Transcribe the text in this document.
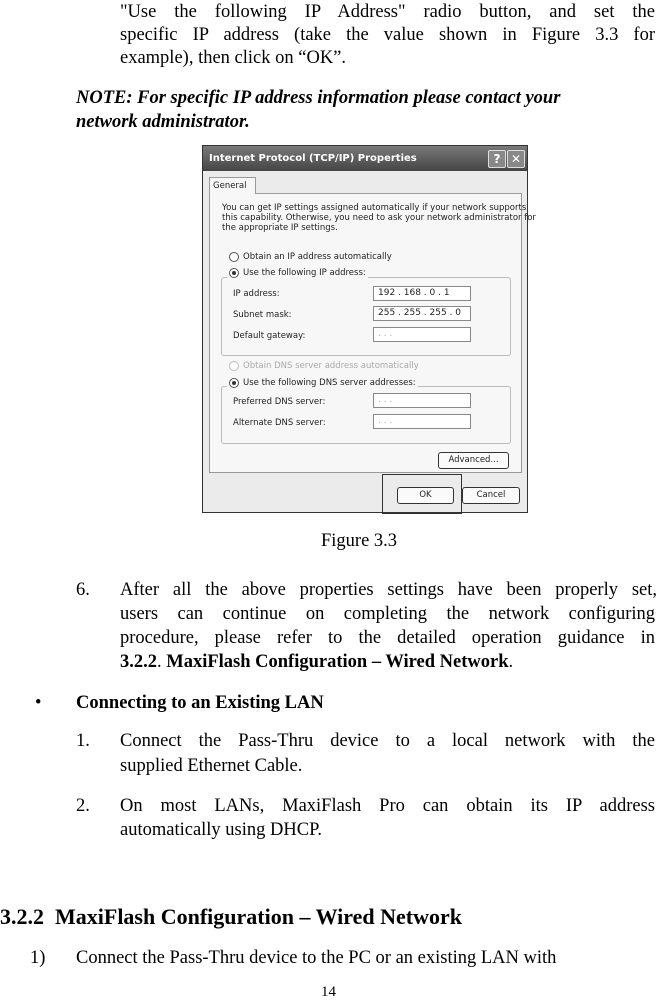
"Use the following IP Address" radio button, and set the
specific IP address (take the value shown in Figure 3.3 for
example), then click on “OK”.
NOTE: For specific IP address information please contact your
network administrator.
Internet Protocol (TCP/IP) Properties	? ✕
General
You can get IP settings assigned automatically if your network supports
this capability. Otherwise, you need to ask your network administrator for
the appropriate IP settings.
Obtain an IP address automatically
Use the following IP address:
IP address:	192 . 168 . 0 . 1
Subnet mask:	255 . 255 . 255 . 0
Default gateway:	. . .
Obtain DNS server address automatically
Use the following DNS server addresses:
Preferred DNS server:	. . .
Alternate DNS server:	. . .
Advanced...
OK	Cancel
Figure 3.3
6. After all the above properties settings have been properly set,
users can continue on completing the network configuring
procedure, please refer to the detailed operation guidance in
3.2.2. MaxiFlash Configuration – Wired Network.
• Connecting to an Existing LAN
1. Connect the Pass-Thru device to a local network with the
supplied Ethernet Cable.
2. On most LANs, MaxiFlash Pro can obtain its IP address
automatically using DHCP.
3.2.2 MaxiFlash Configuration – Wired Network
1) Connect the Pass-Thru device to the PC or an existing LAN with
14
